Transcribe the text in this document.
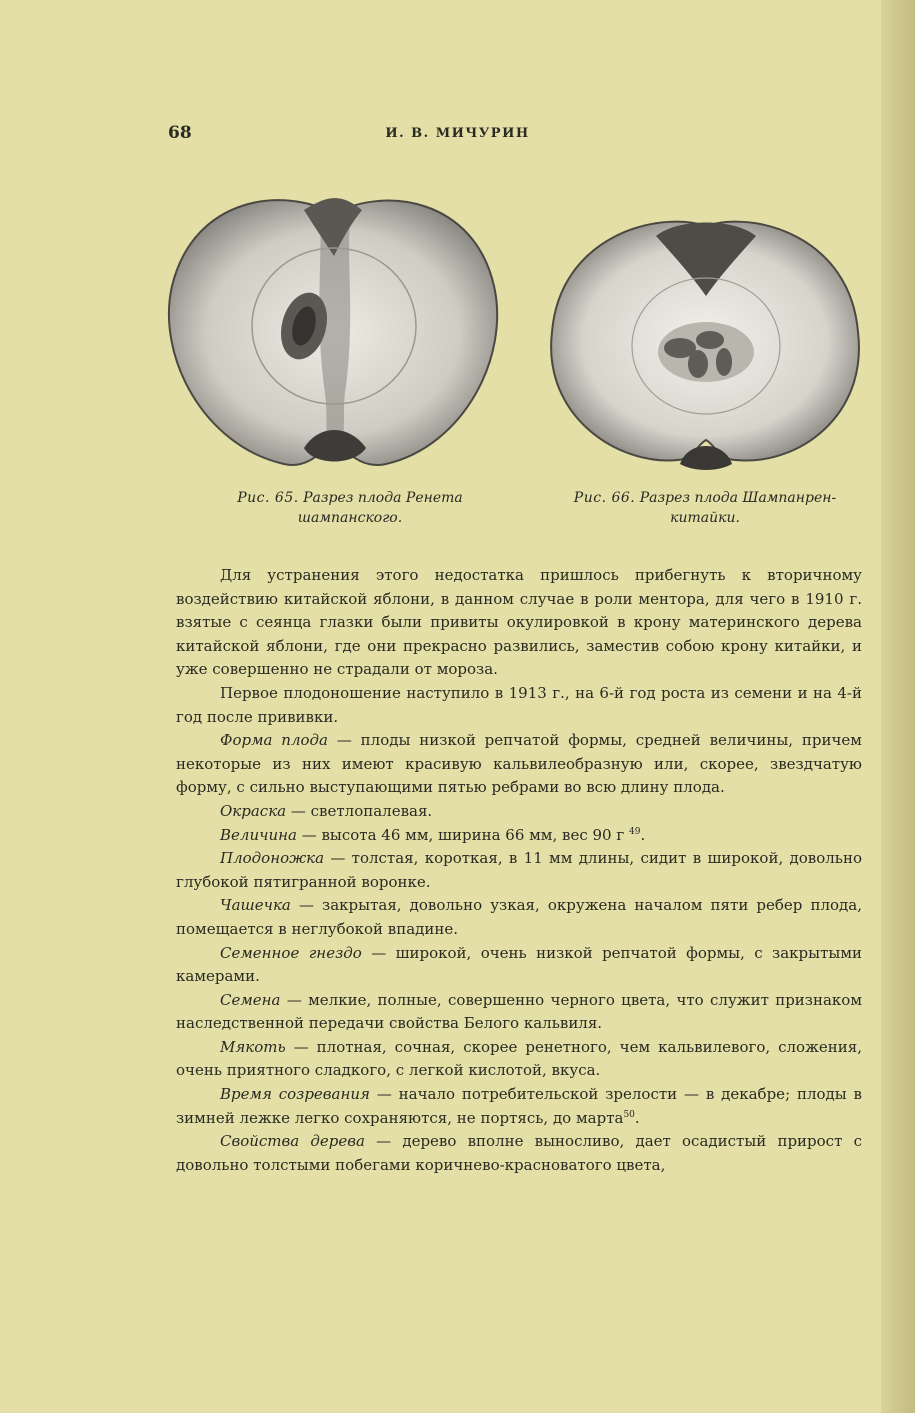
68	И. В. МИЧУРИН
Рис. 65. Разрез плода Ренета
шампанского.
Рис. 66. Разрез плода Шампанрен-
китайки.

Для устранения этого недостатка пришлось прибегнуть к вторичному воздействию китайской яблони, в данном случае в роли ментора, для чего в 1910 г. взятые с сеянца глазки были привиты окулировкой в крону материнского дерева китайской яблони, где они прекрасно развились, заместив собою крону китайки, и уже совершенно не страдали от мороза.

Первое плодоношение наступило в 1913 г., на 6-й год роста из семени и на 4-й год после прививки.

Форма плода — плоды низкой репчатой формы, средней величины, причем некоторые из них имеют красивую кальвилеобразную или, скорее, звездчатую форму, с сильно выступающими пятью ребрами во всю длину плода.

Окраска — светлопалевая.

Величина — высота 46 мм, ширина 66 мм, вес 90 г $^{49}$.

Плодоножка — толстая, короткая, в 11 мм длины, сидит в широкой, довольно глубокой пятигранной воронке.

Чашечка — закрытая, довольно узкая, окружена началом пяти ребер плода, помещается в неглубокой впадине.

Семенное гнездо — широкой, очень низкой репчатой формы, с закрытыми камерами.

Семена — мелкие, полные, совершенно черного цвета, что служит признаком наследственной передачи свойства Белого кальвиля.

Мякоть — плотная, сочная, скорее ренетного, чем кальвилевого, сложения, очень приятного сладкого, с легкой кислотой, вкуса.

Время созревания — начало потребительской зрелости — в декабре; плоды в зимней лежке легко сохраняются, не портясь, до марта$^{50}$.

Свойства дерева — дерево вполне выносливо, дает осадистый прирост с довольно толстыми побегами коричнево-красноватого цвета,
